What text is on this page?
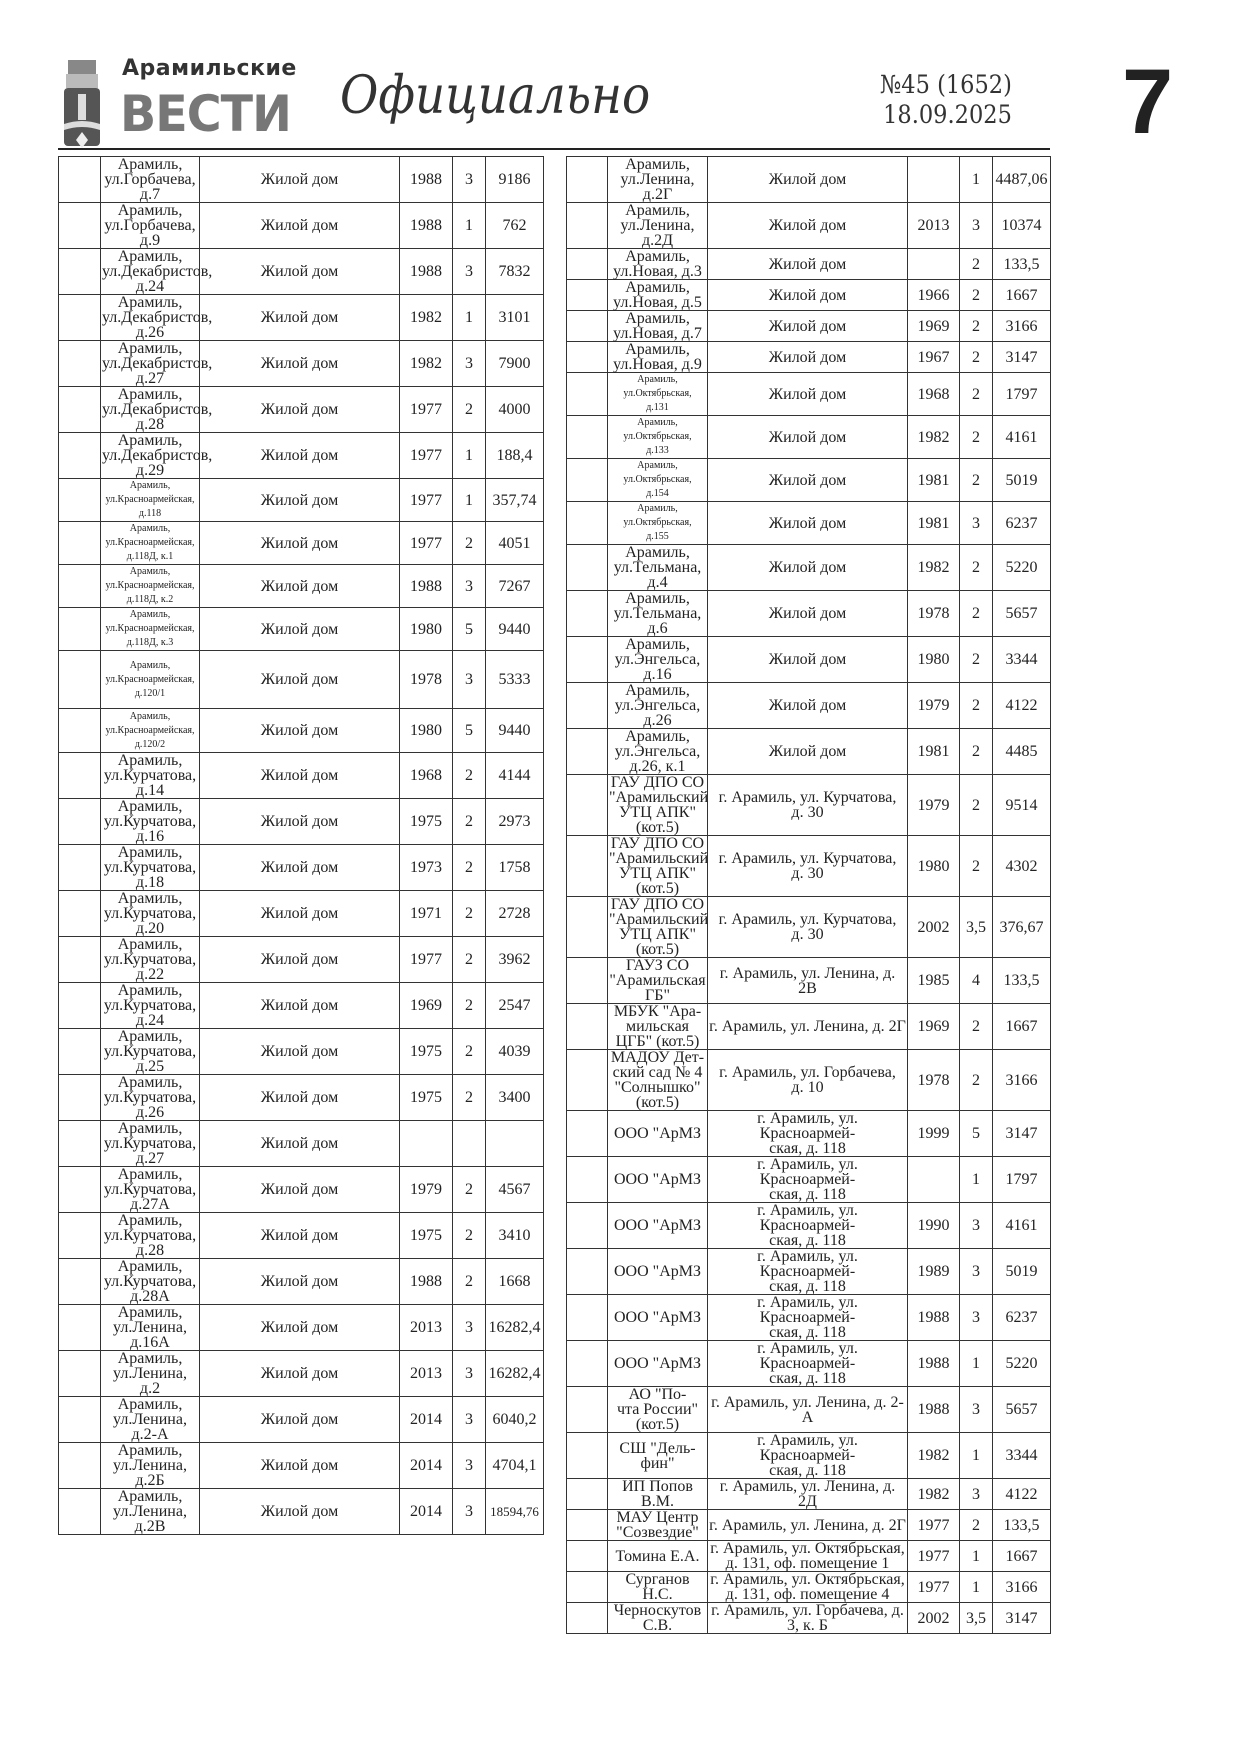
Арамильские
ВЕСТИ Официально	№45 (1652)
18.09.2025 7
	Арамиль,
ул.Горбачева,
д.7	Жилой дом	1988	3	9186
	Арамиль,
ул.Горбачева,
д.9	Жилой дом	1988	1	762
	Арамиль,
ул.Декабристов,
д.24	Жилой дом	1988	3	7832
	Арамиль,
ул.Декабристов,
д.26	Жилой дом	1982	1	3101
	Арамиль,
ул.Декабристов,
д.27	Жилой дом	1982	3	7900
	Арамиль,
ул.Декабристов,
д.28	Жилой дом	1977	2	4000
	Арамиль,
ул.Декабристов,
д.29	Жилой дом	1977	1	188,4
	Арамиль,
ул.Красноармейская,
д.118	Жилой дом	1977	1	357,74
	Арамиль,
ул.Красноармейская,
д.118Д, к.1	Жилой дом	1977	2	4051
	Арамиль,
ул.Красноармейская,
д.118Д, к.2	Жилой дом	1988	3	7267
	Арамиль,
ул.Красноармейская,
д.118Д, к.3	Жилой дом	1980	5	9440
	Арамиль,
ул.Красноармейская,
д.120/1	Жилой дом	1978	3	5333
	Арамиль,
ул.Красноармейская,
д.120/2	Жилой дом	1980	5	9440
	Арамиль,
ул.Курчатова,
д.14	Жилой дом	1968	2	4144
	Арамиль,
ул.Курчатова,
д.16	Жилой дом	1975	2	2973
	Арамиль,
ул.Курчатова,
д.18	Жилой дом	1973	2	1758
	Арамиль,
ул.Курчатова,
д.20	Жилой дом	1971	2	2728
	Арамиль,
ул.Курчатова,
д.22	Жилой дом	1977	2	3962
	Арамиль,
ул.Курчатова,
д.24	Жилой дом	1969	2	2547
	Арамиль,
ул.Курчатова,
д.25	Жилой дом	1975	2	4039
	Арамиль,
ул.Курчатова,
д.26	Жилой дом	1975	2	3400
	Арамиль,
ул.Курчатова,
д.27	Жилой дом			
	Арамиль,
ул.Курчатова,
д.27А	Жилой дом	1979	2	4567
	Арамиль,
ул.Курчатова,
д.28	Жилой дом	1975	2	3410
	Арамиль,
ул.Курчатова,
д.28А	Жилой дом	1988	2	1668
	Арамиль,
ул.Ленина,
д.16А	Жилой дом	2013	3	16282,4
	Арамиль,
ул.Ленина, д.2	Жилой дом	2013	3	16282,4
	Арамиль,
ул.Ленина,
д.2-А	Жилой дом	2014	3	6040,2
	Арамиль,
ул.Ленина,
д.2Б	Жилой дом	2014	3	4704,1
	Арамиль,
ул.Ленина,
д.2В	Жилой дом	2014	3	18594,76
	Арамиль,
ул.Ленина,
д.2Г	Жилой дом		1	4487,06
	Арамиль,
ул.Ленина,
д.2Д	Жилой дом	2013	3	10374
	Арамиль,
ул.Новая, д.3	Жилой дом		2	133,5
	Арамиль,
ул.Новая, д.5	Жилой дом	1966	2	1667
	Арамиль,
ул.Новая, д.7	Жилой дом	1969	2	3166
	Арамиль,
ул.Новая, д.9	Жилой дом	1967	2	3147
	Арамиль,
ул.Октябрьская,
д.131	Жилой дом	1968	2	1797
	Арамиль,
ул.Октябрьская,
д.133	Жилой дом	1982	2	4161
	Арамиль,
ул.Октябрьская,
д.154	Жилой дом	1981	2	5019
	Арамиль,
ул.Октябрьская,
д.155	Жилой дом	1981	3	6237
	Арамиль,
ул.Тельмана,
д.4	Жилой дом	1982	2	5220
	Арамиль,
ул.Тельмана,
д.6	Жилой дом	1978	2	5657
	Арамиль,
ул.Энгельса,
д.16	Жилой дом	1980	2	3344
	Арамиль,
ул.Энгельса,
д.26	Жилой дом	1979	2	4122
	Арамиль,
ул.Энгельса,
д.26, к.1	Жилой дом	1981	2	4485
	ГАУ ДПО СО
"Арамильский
УТЦ АПК"
(кот.5)	г. Арамиль, ул. Курчатова,
д. 30	1979	2	9514
	ГАУ ДПО СО
"Арамильский
УТЦ АПК"
(кот.5)	г. Арамиль, ул. Курчатова,
д. 30	1980	2	4302
	ГАУ ДПО СО
"Арамильский
УТЦ АПК"
(кот.5)	г. Арамиль, ул. Курчатова,
д. 30	2002	3,5	376,67
	ГАУЗ СО
"Арамильская
ГБ"	г. Арамиль, ул. Ленина, д. 2В	1985	4	133,5
	МБУК "Ара-
мильская
ЦГБ" (кот.5)	г. Арамиль, ул. Ленина, д. 2Г	1969	2	1667
	МАДОУ Дет-
ский сад № 4
"Солнышко"
(кот.5)	г. Арамиль, ул. Горбачева,
д. 10	1978	2	3166
	ООО "АрМЗ	г. Арамиль, ул. Красноармей-
ская, д. 118	1999	5	3147
	ООО "АрМЗ	г. Арамиль, ул. Красноармей-
ская, д. 118		1	1797
	ООО "АрМЗ	г. Арамиль, ул. Красноармей-
ская, д. 118	1990	3	4161
	ООО "АрМЗ	г. Арамиль, ул. Красноармей-
ская, д. 118	1989	3	5019
	ООО "АрМЗ	г. Арамиль, ул. Красноармей-
ская, д. 118	1988	3	6237
	ООО "АрМЗ	г. Арамиль, ул. Красноармей-
ская, д. 118	1988	1	5220
	АО "По-
чта России"
(кот.5)	г. Арамиль, ул. Ленина, д. 2-А	1988	3	5657
	СШ "Дель-
фин"	г. Арамиль, ул. Красноармей-
ская, д. 118	1982	1	3344
	ИП Попов
В.М.	г. Арамиль, ул. Ленина, д. 2Д	1982	3	4122
	МАУ Центр
"Созвездие"	г. Арамиль, ул. Ленина, д. 2Г	1977	2	133,5
	Томина Е.А.	г. Арамиль, ул. Октябрьская,
д. 131, оф. помещение 1	1977	1	1667
	Сурганов Н.С.	г. Арамиль, ул. Октябрьская,
д. 131, оф. помещение 4	1977	1	3166
	Черноскутов
С.В.	г. Арамиль, ул. Горбачева, д.
3, к. Б	2002	3,5	3147
